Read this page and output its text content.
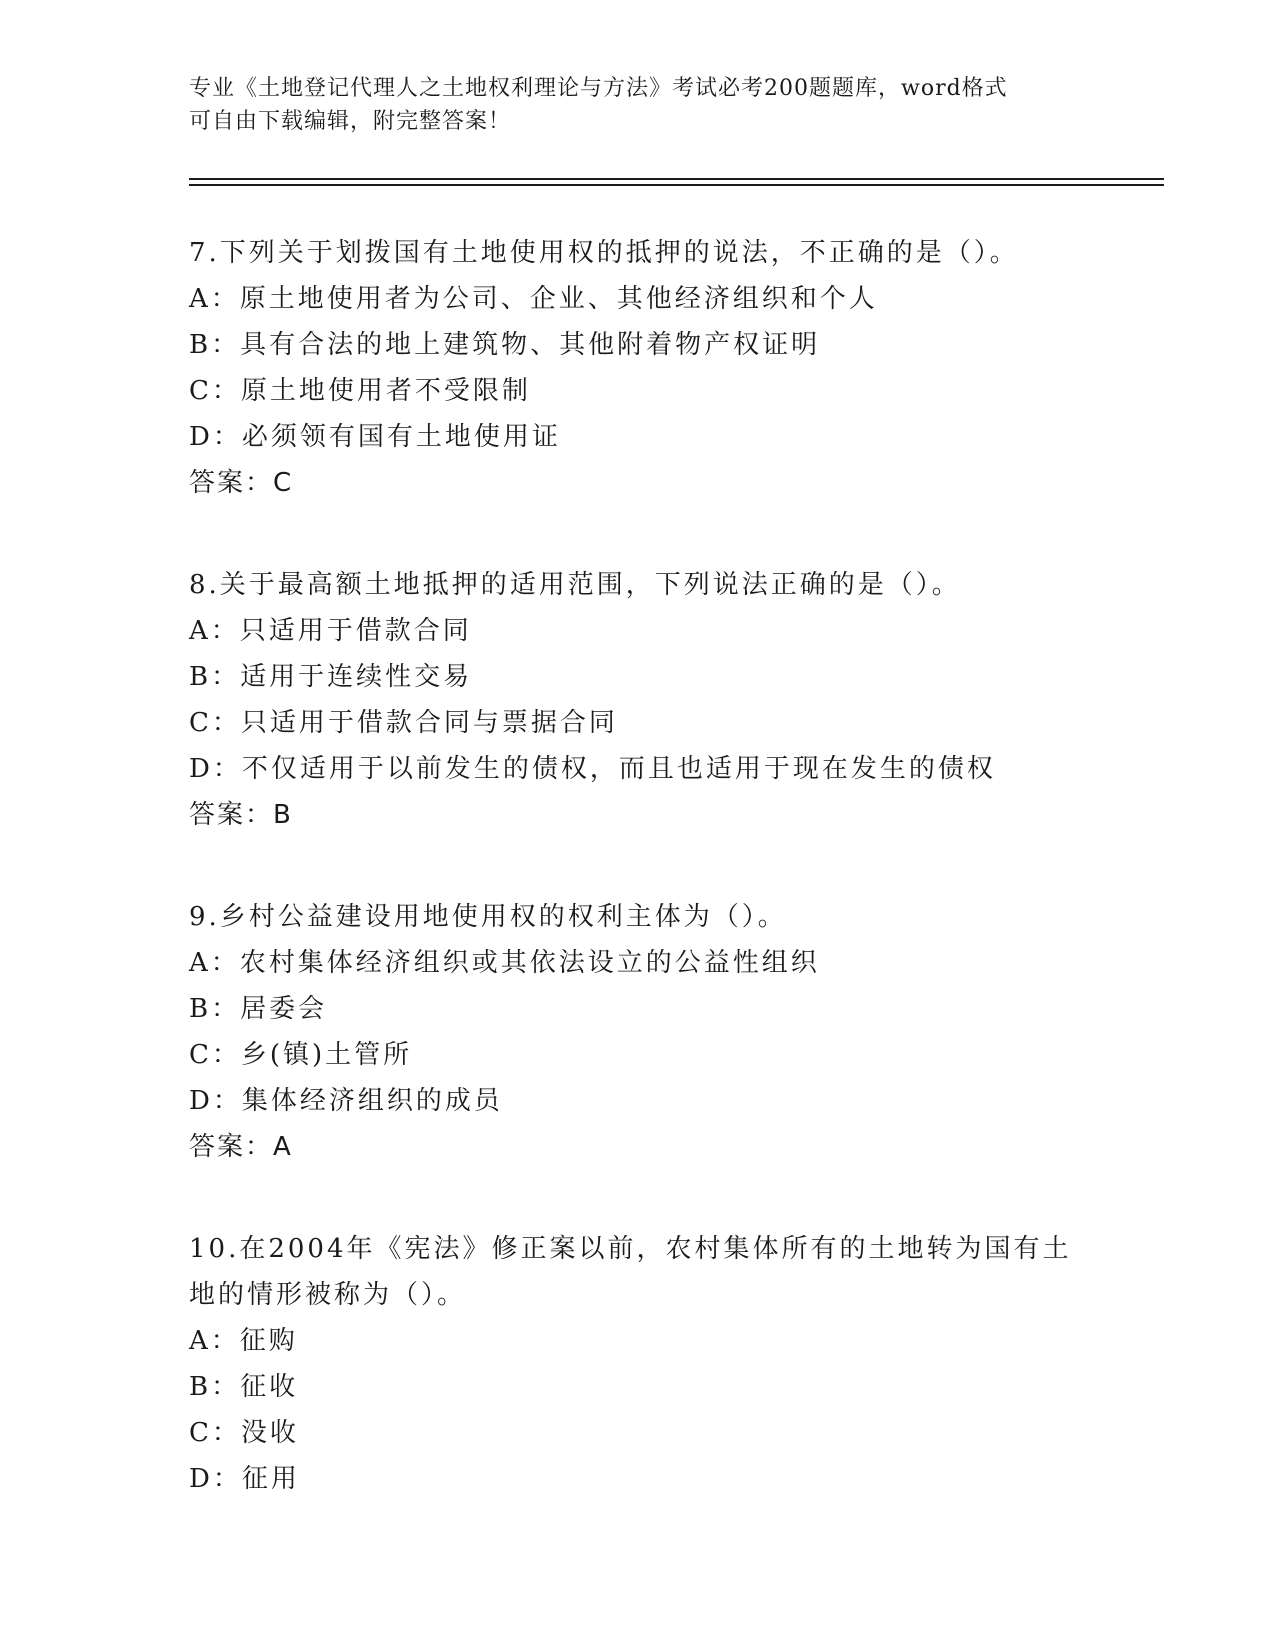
专业《土地登记代理人之土地权利理论与方法》考试必考200题题库，word格式
可自由下载编辑，附完整答案！
7.下列关于划拨国有土地使用权的抵押的说法，不正确的是（）。
A：原土地使用者为公司、企业、其他经济组织和个人
B：具有合法的地上建筑物、其他附着物产权证明
C：原土地使用者不受限制
D：必须领有国有土地使用证
答案：C
8.关于最高额土地抵押的适用范围，下列说法正确的是（）。
A：只适用于借款合同
B：适用于连续性交易
C：只适用于借款合同与票据合同
D：不仅适用于以前发生的债权，而且也适用于现在发生的债权
答案：B
9.乡村公益建设用地使用权的权利主体为（）。
A：农村集体经济组织或其依法设立的公益性组织
B：居委会
C：乡(镇)土管所
D：集体经济组织的成员
答案：A
10.在2004年《宪法》修正案以前，农村集体所有的土地转为国有土
地的情形被称为（）。
A：征购
B：征收
C：没收
D：征用
